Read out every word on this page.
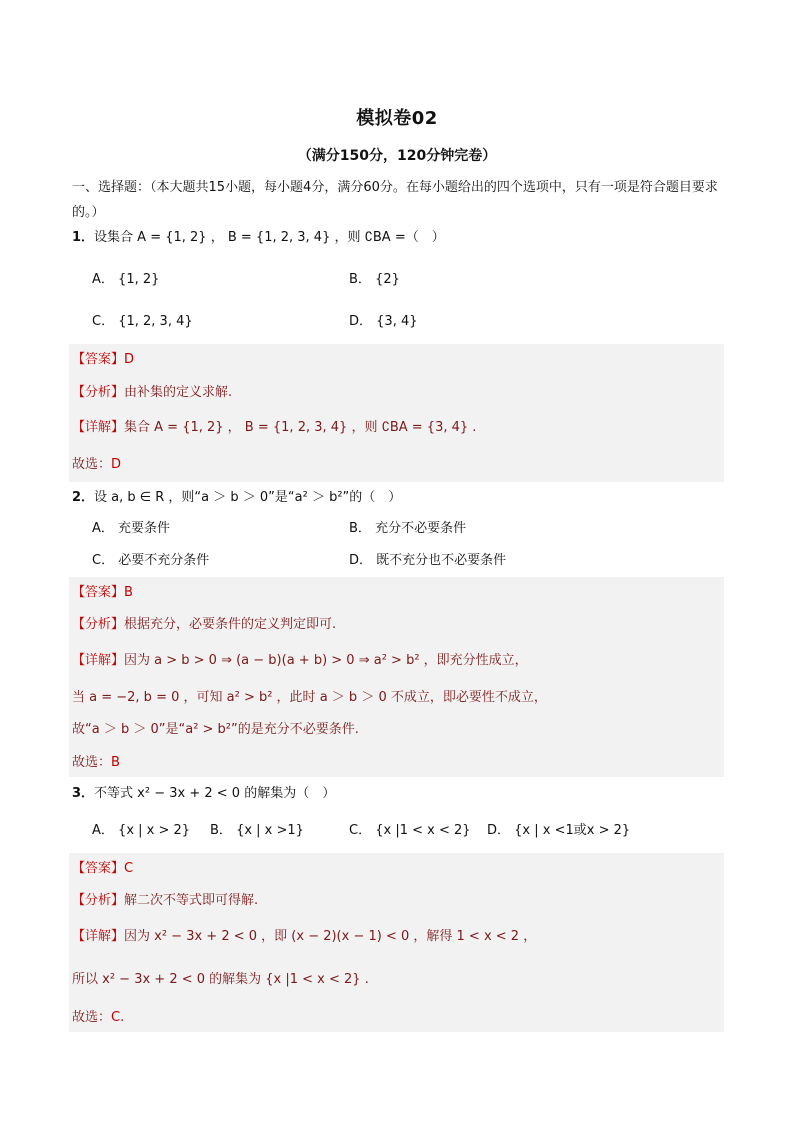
模拟卷02
（满分150分，120分钟完卷）
一、选择题：（本大题共15小题，每小题4分，满分60分。在每小题给出的四个选项中，只有一项是符合题目要求的。）
1．设集合 A = {1, 2} ， B = {1, 2, 3, 4} ，则 ∁BA =（　）
A． {1, 2}	B． {2}
C． {1, 2, 3, 4}	D． {3, 4}
【答案】D
【分析】由补集的定义求解.
【详解】集合 A = {1, 2} ， B = {1, 2, 3, 4} ，则 ∁BA = {3, 4} .
故选：D
2．设 a, b ∈ R ，则“a ＞ b ＞ 0”是“a² ＞ b²”的（　）
A． 充要条件	B． 充分不必要条件
C． 必要不充分条件	D． 既不充分也不必要条件
【答案】B
【分析】根据充分，必要条件的定义判定即可.
【详解】因为 a > b > 0 ⇒ (a − b)(a + b) > 0 ⇒ a² > b² ，即充分性成立，
当 a = −2, b = 0 ，可知 a² > b² ，此时 a ＞ b ＞ 0 不成立，即必要性不成立，
故“a ＞ b ＞ 0”是“a² > b²”的是充分不必要条件.
故选：B
3．不等式 x² − 3x + 2 < 0 的解集为（　）
A． {x | x > 2} B． {x | x >1}	C． {x |1 < x < 2} D． {x | x <1或x > 2}
【答案】C
【分析】解二次不等式即可得解.
【详解】因为 x² − 3x + 2 < 0 ，即 (x − 2)(x − 1) < 0 ，解得 1 < x < 2 ，
所以 x² − 3x + 2 < 0 的解集为 {x |1 < x < 2} .
故选：C.
